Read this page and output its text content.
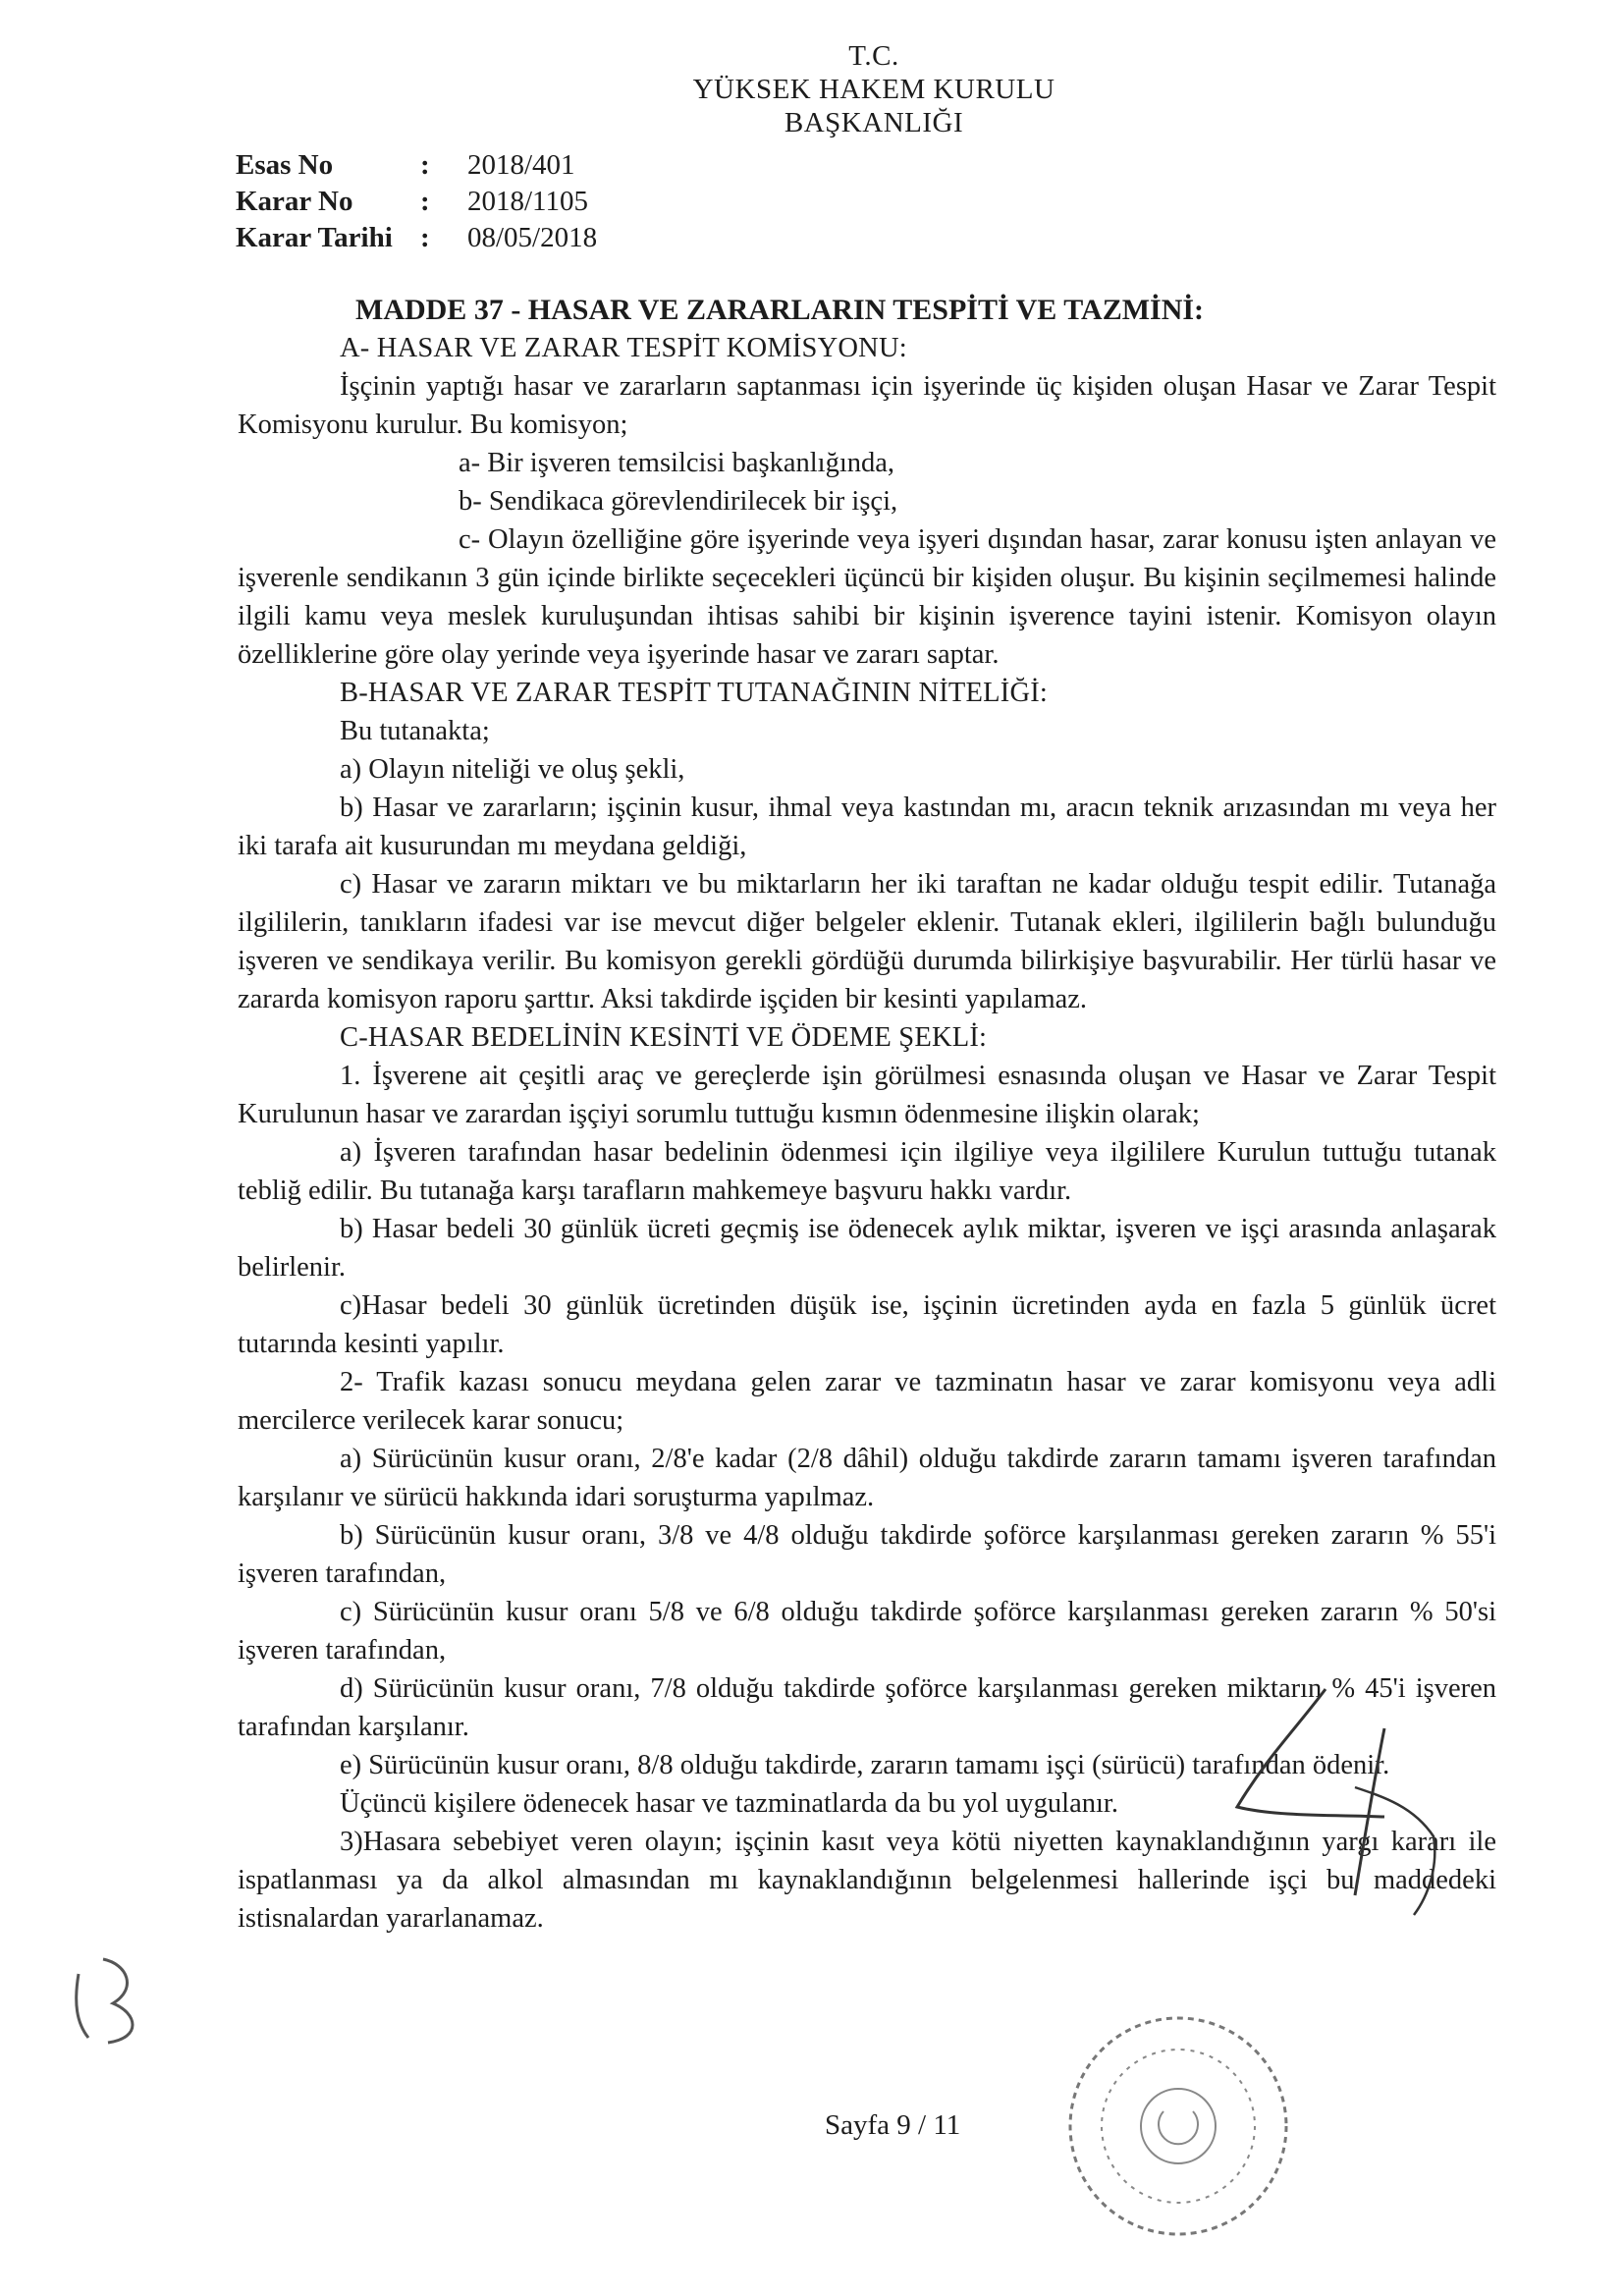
T.C.
YÜKSEK HAKEM KURULU
BAŞKANLIĞI
Esas No	:	2018/401
Karar No	:	2018/1105
Karar Tarihi :	08/05/2018

MADDE 37 - HASAR VE ZARARLARIN TESPİTİ VE TAZMİNİ:

A- HASAR VE ZARAR TESPİT KOMİSYONU:

İşçinin yaptığı hasar ve zararların saptanması için işyerinde üç kişiden oluşan Hasar ve Zarar Tespit Komisyonu kurulur. Bu komisyon;

a- Bir işveren temsilcisi başkanlığında,

b- Sendikaca görevlendirilecek bir işçi,

c- Olayın özelliğine göre işyerinde veya işyeri dışından hasar, zarar konusu işten anlayan ve işverenle sendikanın 3 gün içinde birlikte seçecekleri üçüncü bir kişiden oluşur. Bu kişinin seçilmemesi halinde ilgili kamu veya meslek kuruluşundan ihtisas sahibi bir kişinin işverence tayini istenir. Komisyon olayın özelliklerine göre olay yerinde veya işyerinde hasar ve zararı saptar.

B-HASAR VE ZARAR TESPİT TUTANAĞININ NİTELİĞİ:

Bu tutanakta;

a) Olayın niteliği ve oluş şekli,

b) Hasar ve zararların; işçinin kusur, ihmal veya kastından mı, aracın teknik arızasından mı veya her iki tarafa ait kusurundan mı meydana geldiği,

c) Hasar ve zararın miktarı ve bu miktarların her iki taraftan ne kadar olduğu tespit edilir. Tutanağa ilgililerin, tanıkların ifadesi var ise mevcut diğer belgeler eklenir. Tutanak ekleri, ilgililerin bağlı bulunduğu işveren ve sendikaya verilir. Bu komisyon gerekli gördüğü durumda bilirkişiye başvurabilir. Her türlü hasar ve zararda komisyon raporu şarttır. Aksi takdirde işçiden bir kesinti yapılamaz.

C-HASAR BEDELİNİN KESİNTİ VE ÖDEME ŞEKLİ:

1. İşverene ait çeşitli araç ve gereçlerde işin görülmesi esnasında oluşan ve Hasar ve Zarar Tespit Kurulunun hasar ve zarardan işçiyi sorumlu tuttuğu kısmın ödenmesine ilişkin olarak;

a) İşveren tarafından hasar bedelinin ödenmesi için ilgiliye veya ilgililere Kurulun tuttuğu tutanak tebliğ edilir. Bu tutanağa karşı tarafların mahkemeye başvuru hakkı vardır.

b) Hasar bedeli 30 günlük ücreti geçmiş ise ödenecek aylık miktar, işveren ve işçi arasında anlaşarak belirlenir.

c)Hasar bedeli 30 günlük ücretinden düşük ise, işçinin ücretinden ayda en fazla 5 günlük ücret tutarında kesinti yapılır.

2- Trafik kazası sonucu meydana gelen zarar ve tazminatın hasar ve zarar komisyonu veya adli mercilerce verilecek karar sonucu;

a) Sürücünün kusur oranı, 2/8'e kadar (2/8 dâhil) olduğu takdirde zararın tamamı işveren tarafından karşılanır ve sürücü hakkında idari soruşturma yapılmaz.

b) Sürücünün kusur oranı, 3/8 ve 4/8 olduğu takdirde şoförce karşılanması gereken zararın % 55'i işveren tarafından,

c) Sürücünün kusur oranı 5/8 ve 6/8 olduğu takdirde şoförce karşılanması gereken zararın % 50'si işveren tarafından,

d) Sürücünün kusur oranı, 7/8 olduğu takdirde şoförce karşılanması gereken miktarın % 45'i işveren tarafından karşılanır.

e) Sürücünün kusur oranı, 8/8 olduğu takdirde, zararın tamamı işçi (sürücü) tarafından ödenir.

Üçüncü kişilere ödenecek hasar ve tazminatlarda da bu yol uygulanır.

3)Hasara sebebiyet veren olayın; işçinin kasıt veya kötü niyetten kaynaklandığının yargı kararı ile ispatlanması ya da alkol almasından mı kaynaklandığının belgelenmesi hallerinde işçi bu maddedeki istisnalardan yararlanamaz.

Sayfa 9 / 11
